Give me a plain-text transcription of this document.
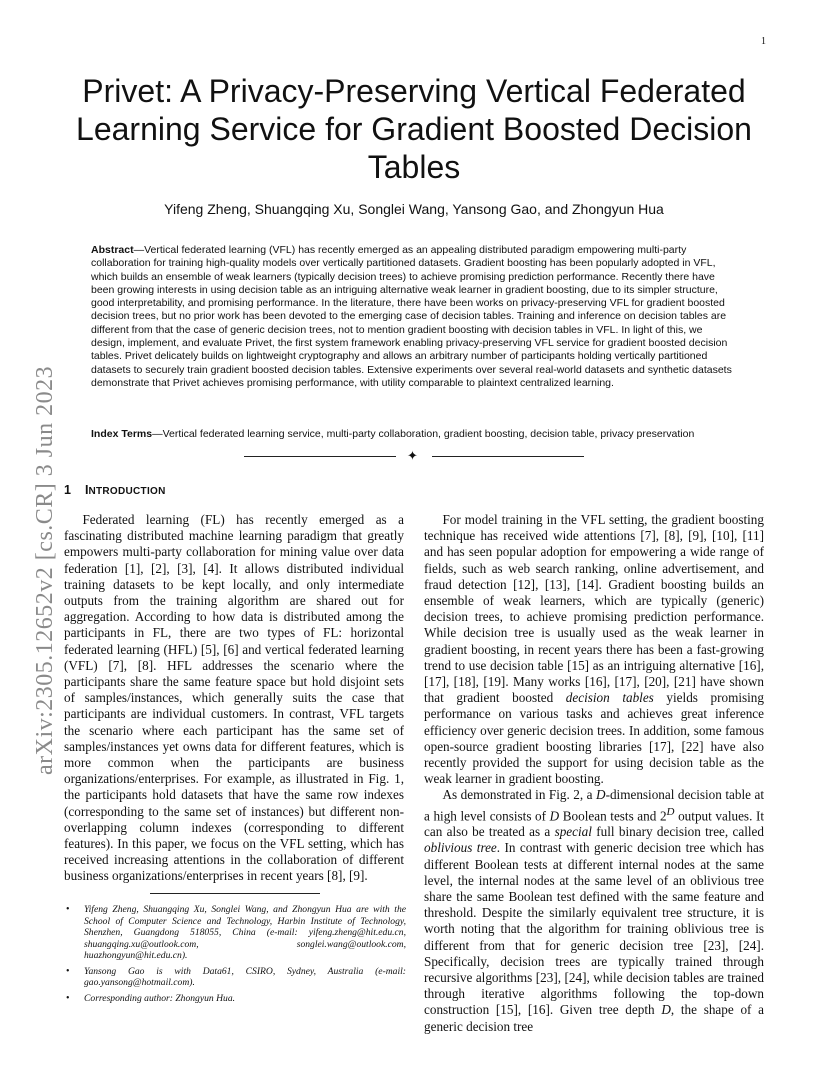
1
arXiv:2305.12652v2 [cs.CR] 3 Jun 2023
Privet: A Privacy-Preserving Vertical Federated Learning Service for Gradient Boosted Decision Tables
Yifeng Zheng, Shuangqing Xu, Songlei Wang, Yansong Gao, and Zhongyun Hua

Abstract—Vertical federated learning (VFL) has recently emerged as an appealing distributed paradigm empowering multi-party collaboration for training high-quality models over vertically partitioned datasets. Gradient boosting has been popularly adopted in VFL, which builds an ensemble of weak learners (typically decision trees) to achieve promising prediction performance. Recently there have been growing interests in using decision table as an intriguing alternative weak learner in gradient boosting, due to its simpler structure, good interpretability, and promising performance. In the literature, there have been works on privacy-preserving VFL for gradient boosted decision trees, but no prior work has been devoted to the emerging case of decision tables. Training and inference on decision tables are different from that the case of generic decision trees, not to mention gradient boosting with decision tables in VFL. In light of this, we design, implement, and evaluate Privet, the first system framework enabling privacy-preserving VFL service for gradient boosted decision tables. Privet delicately builds on lightweight cryptography and allows an arbitrary number of participants holding vertically partitioned datasets to securely train gradient boosted decision tables. Extensive experiments over several real-world datasets and synthetic datasets demonstrate that Privet achieves promising performance, with utility comparable to plaintext centralized learning.

Index Terms—Vertical federated learning service, multi-party collaboration, gradient boosting, decision table, privacy preservation

✦
1 INTRODUCTION

Federated learning (FL) has recently emerged as a fascinating distributed machine learning paradigm that greatly empowers multi-party collaboration for mining value over data federation [1], [2], [3], [4]. It allows distributed individual training datasets to be kept locally, and only intermediate outputs from the training algorithm are shared out for aggregation. According to how data is distributed among the participants in FL, there are two types of FL: horizontal federated learning (HFL) [5], [6] and vertical federated learning (VFL) [7], [8]. HFL addresses the scenario where the participants share the same feature space but hold disjoint sets of samples/instances, which generally suits the case that participants are individual customers. In contrast, VFL targets the scenario where each participant has the same set of samples/instances yet owns data for different features, which is more common when the participants are business organizations/enterprises. For example, as illustrated in Fig. 1, the participants hold datasets that have the same row indexes (corresponding to the same set of instances) but different non-overlapping column indexes (corresponding to different features). In this paper, we focus on the VFL setting, which has received increasing attentions in the collaboration of different business organizations/enterprises in recent years [8], [9].

For model training in the VFL setting, the gradient boosting technique has received wide attentions [7], [8], [9], [10], [11] and has seen popular adoption for empowering a wide range of fields, such as web search ranking, online advertisement, and fraud detection [12], [13], [14]. Gradient boosting builds an ensemble of weak learners, which are typically (generic) decision trees, to achieve promising prediction performance. While decision tree is usually used as the weak learner in gradient boosting, in recent years there has been a fast-growing trend to use decision table [15] as an intriguing alternative [16], [17], [18], [19]. Many works [16], [17], [20], [21] have shown that gradient boosted decision tables yields promising performance on various tasks and achieves great inference efficiency over generic decision trees. In addition, some famous open-source gradient boosting libraries [17], [22] have also recently provided the support for using decision table as the weak learner in gradient boosting.

As demonstrated in Fig. 2, a D-dimensional decision table at a high level consists of D Boolean tests and $2^D$ output values. It can also be treated as a special full binary decision tree, called oblivious tree. In contrast with generic decision tree which has different Boolean tests at different internal nodes at the same level, the internal nodes at the same level of an oblivious tree share the same Boolean test defined with the same feature and threshold. Despite the similarly equivalent tree structure, it is worth noting that the algorithm for training oblivious tree is different from that for generic decision tree [23], [24]. Specifically, decision trees are typically trained through recursive algorithms [23], [24], while decision tables are trained through iterative algorithms following the top-down construction [15], [16]. Given tree depth D, the shape of a generic decision tree

• Yifeng Zheng, Shuangqing Xu, Songlei Wang, and Zhongyun Hua are with the School of Computer Science and Technology, Harbin Institute of Technology, Shenzhen, Guangdong 518055, China (e-mail: yifeng.zheng@hit.edu.cn, shuangqing.xu@outlook.com, songlei.wang@outlook.com, huazhongyun@hit.edu.cn).
• Yansong Gao is with Data61, CSIRO, Sydney, Australia (e-mail: gao.yansong@hotmail.com).
• Corresponding author: Zhongyun Hua.
